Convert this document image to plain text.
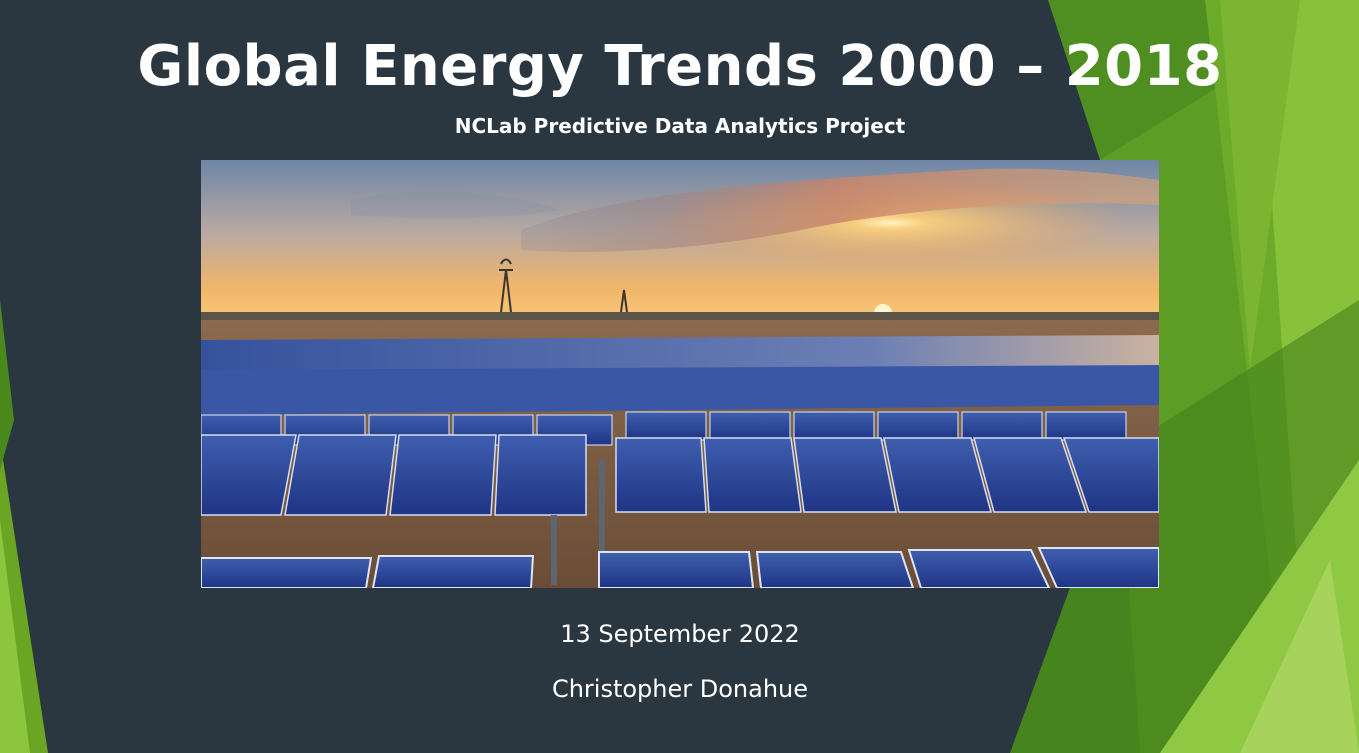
Global Energy Trends 2000 – 2018
NCLab Predictive Data Analytics Project

13 September 2022

Christopher Donahue
